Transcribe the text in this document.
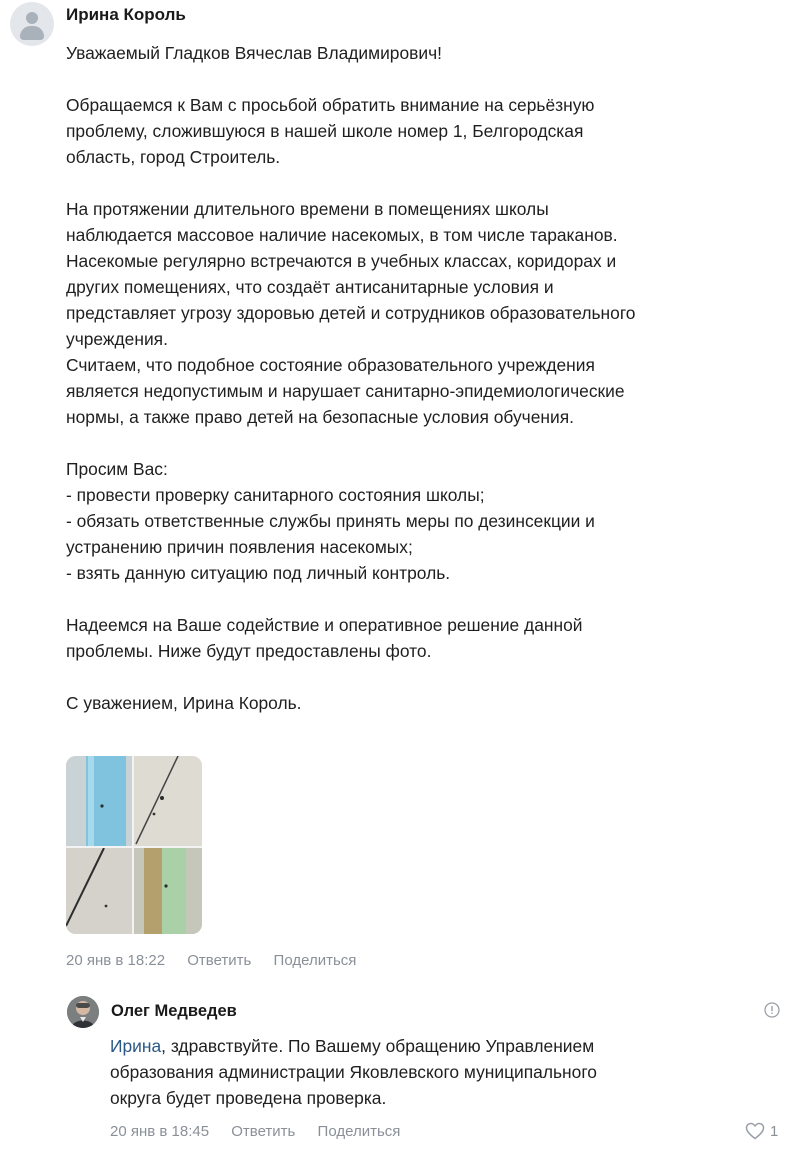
Ирина Король

Уважаемый Гладков Вячеслав Владимирович!

Обращаемся к Вам с просьбой обратить внимание на серьёзную

проблему, сложившуюся в нашей школе номер 1, Белгородская

область, город Строитель.

На протяжении длительного времени в помещениях школы

наблюдается массовое наличие насекомых, в том числе тараканов.

Насекомые регулярно встречаются в учебных классах, коридорах и

других помещениях, что создаёт антисанитарные условия и

представляет угрозу здоровью детей и сотрудников образовательного

учреждения.

Считаем, что подобное состояние образовательного учреждения

является недопустимым и нарушает санитарно-эпидемиологические

нормы, а также право детей на безопасные условия обучения.

Просим Вас:

- провести проверку санитарного состояния школы;

- обязать ответственные службы принять меры по дезинсекции и

устранению причин появления насекомых;

- взять данную ситуацию под личный контроль.

Надеемся на Ваше содействие и оперативное решение данной

проблемы. Ниже будут предоставлены фото.

С уважением, Ирина Король.

20 янв в 18:22 Ответить Поделиться
Олег Медведев
Ирина, здравствуйте. По Вашему обращению Управлением
образования администрации Яковлевского муниципального
округа будет проведена проверка.
20 янв в 18:45 Ответить Поделиться	1
